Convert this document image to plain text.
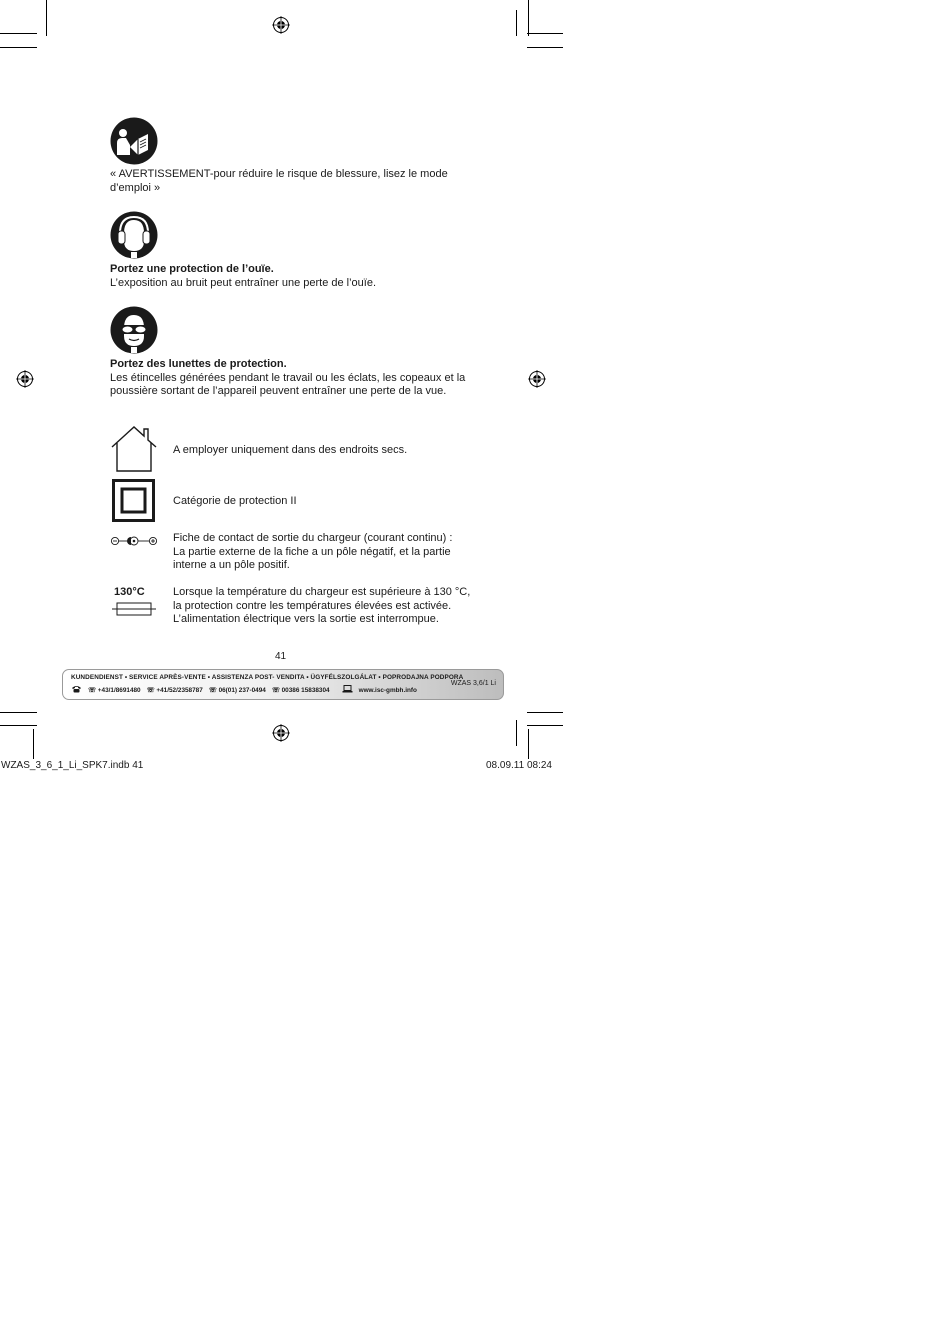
« AVERTISSEMENT-pour réduire le risque de blessure, lisez le mode
d’emploi »
Portez une protection de l’ouïe.
L’exposition au bruit peut entraîner une perte de l’ouïe.
Portez des lunettes de protection.
Les étincelles générées pendant le travail ou les éclats, les copeaux et la
poussière sortant de l’appareil peuvent entraîner une perte de la vue.
A employer uniquement dans des endroits secs.
Catégorie de protection II
Fiche de contact de sortie du chargeur (courant continu) :
La partie externe de la fiche a un pôle négatif, et la partie
interne a un pôle positif.
130°C	Lorsque la température du chargeur est supérieure à 130 °C,
la protection contre les températures élevées est activée.
L’alimentation électrique vers la sortie est interrompue.
41
KUNDENDIENST • SERVICE APRÈS-VENTE • ASSISTENZA POST- VENDITA • ÜGYFÉLSZOLGÁLAT • POPRODAJNA PODPORA
☏ +43/1/8691480 ☏ +41/52/2358787 ☏ 06(01) 237-0494 ☏ 00386 15838304	www.isc-gmbh.info
WZAS 3,6/1 Li
WZAS_3_6_1_Li_SPK7.indb 41	08.09.11 08:24
